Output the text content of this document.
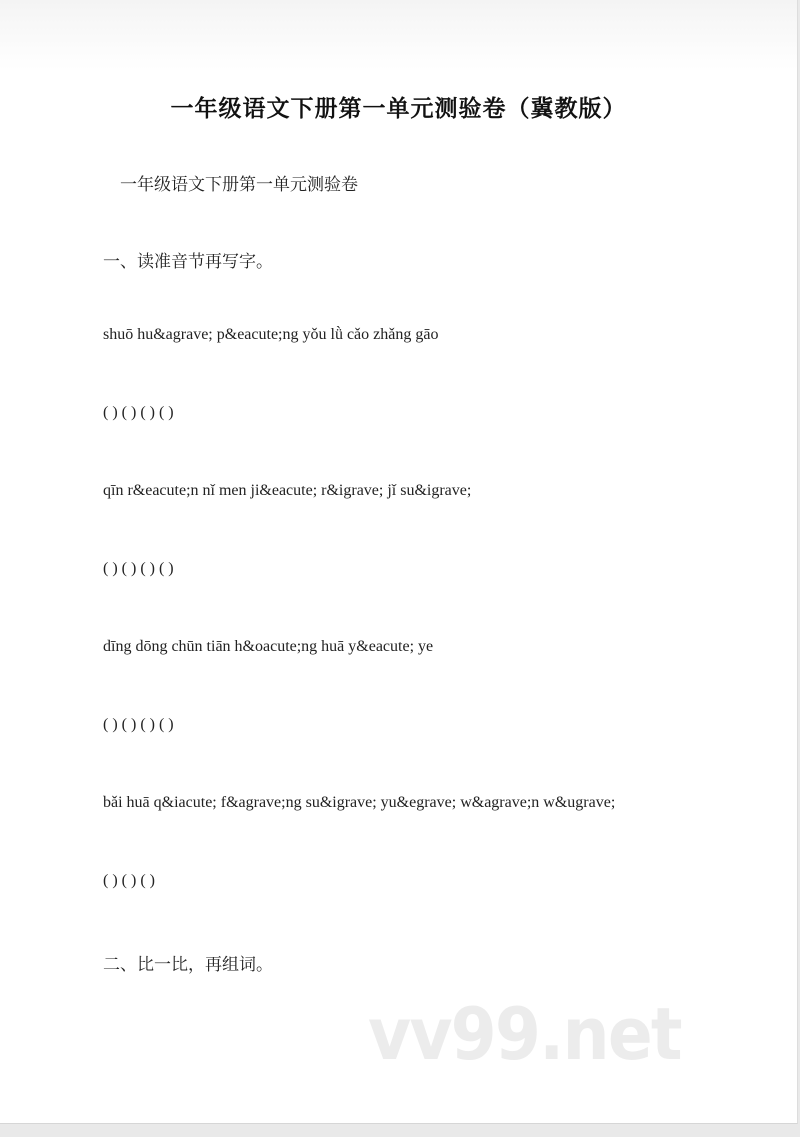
一年级语文下册第一单元测验卷（冀教版）
一年级语文下册第一单元测验卷
一、读准音节再写字。
shuō hu&agrave; p&eacute;ng yǒu lǜ cǎo zhǎng gāo
( ) ( ) ( ) ( )
qīn r&eacute;n nǐ men ji&eacute; r&igrave; jǐ su&igrave;
( ) ( ) ( ) ( )
dīng dōng chūn tiān h&oacute;ng huā y&eacute; ye
( ) ( ) ( ) ( )
bǎi huā q&iacute; f&agrave;ng su&igrave; yu&egrave; w&agrave;n w&ugrave;
( ) ( ) ( )
二、比一比，再组词。
vv99.net
